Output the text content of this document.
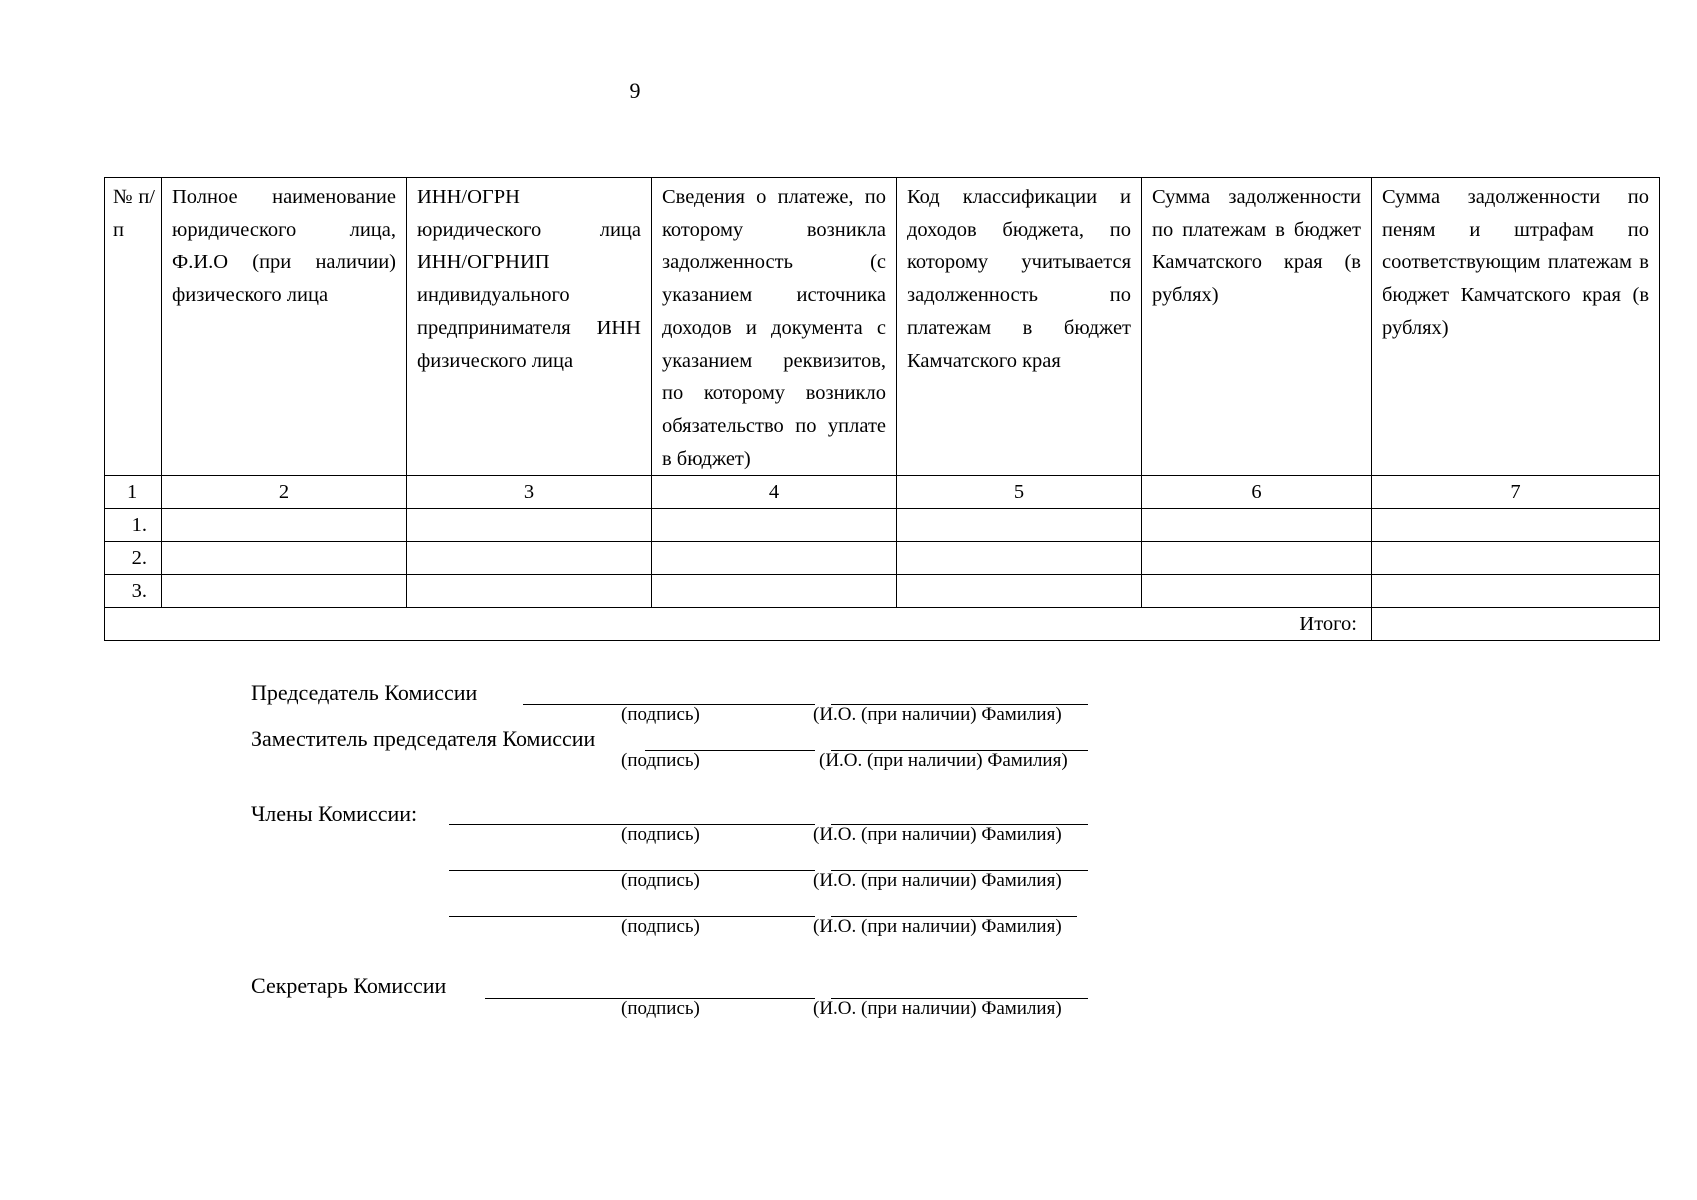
9
№ п/п	Полное наименование юридического лица, Ф.И.О (при наличии) физического лица	ИНН/ОГРН юридического лица ИНН/ОГРНИП индивидуального предпринимателя ИНН физического лица	Сведения о платеже, по которому возникла задолженность (с указанием источника доходов и документа с указанием реквизитов, по которому возникло обязательство по уплате в бюджет)	Код классификации и доходов бюджета, по которому учитывается задолженность по платежам в бюджет Камчатского края	Сумма задолженности по платежам в бюджет Камчатского края (в рублях)	Сумма задолженности по пеням и штрафам по соответствующим платежам в бюджет Камчатского края (в рублях)
1	2	3	4	5	6	7
1.						
2.						
3.						
Итого:						
Председатель Комиссии
(подпись)	(И.О. (при наличии) Фамилия)
Заместитель председателя Комиссии
(подпись)	(И.О. (при наличии) Фамилия)
Члены Комиссии:
(подпись)	(И.О. (при наличии) Фамилия)
(подпись)	(И.О. (при наличии) Фамилия)
(подпись)	(И.О. (при наличии) Фамилия)
Секретарь Комиссии
(подпись)	(И.О. (при наличии) Фамилия)
